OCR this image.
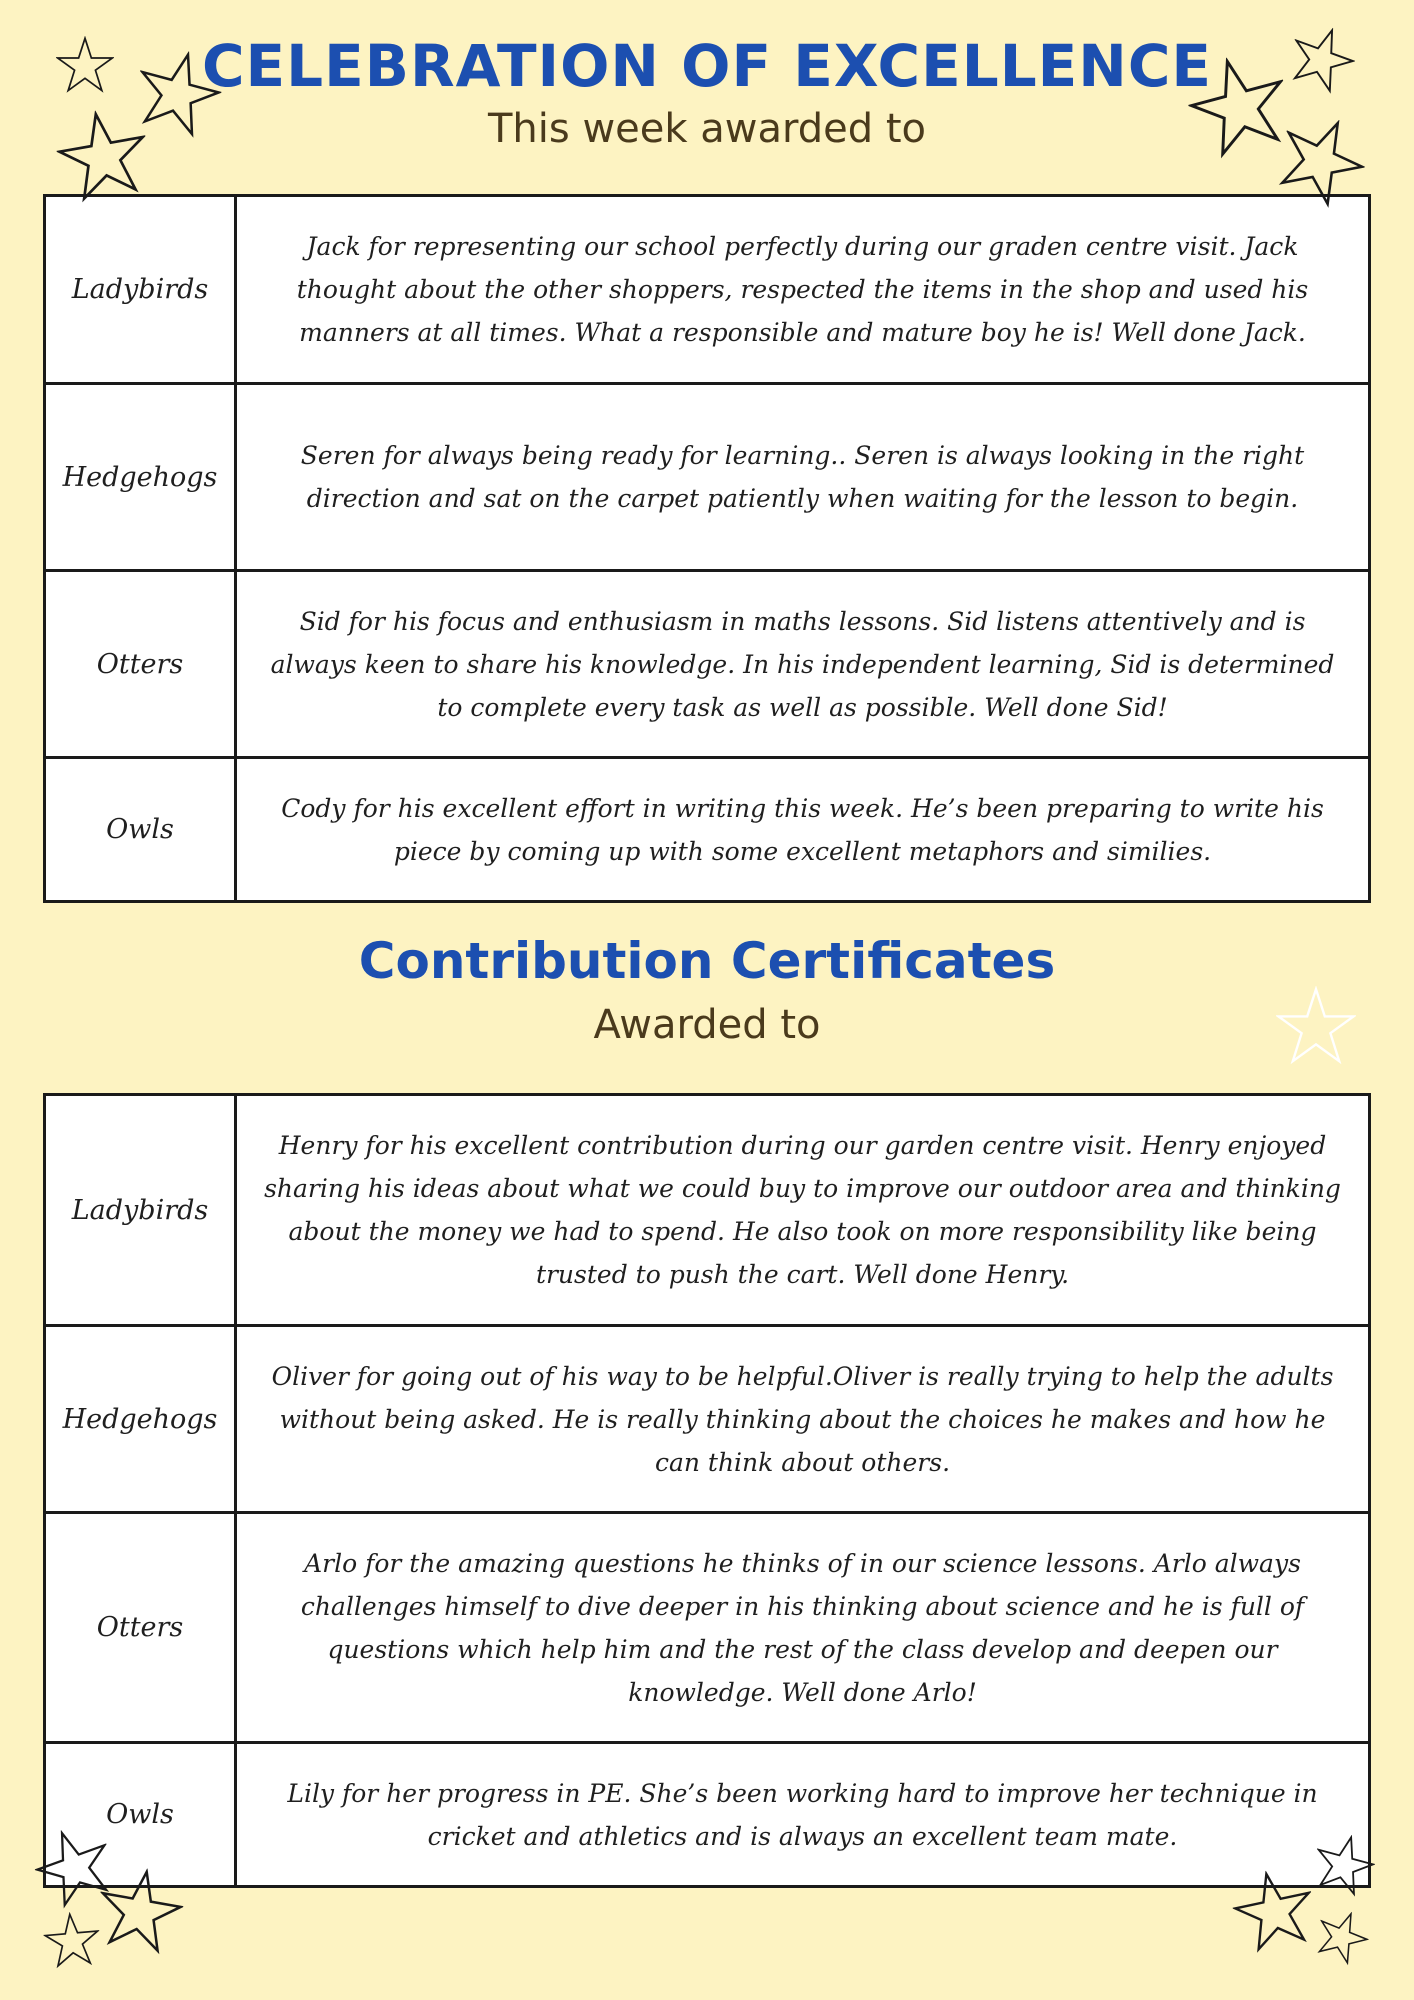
CELEBRATION OF EXCELLENCE
This week awarded to
Ladybirds	Jack for representing our school perfectly during our graden centre visit. Jack thought about the other shoppers, respected the items in the shop and used his manners at all times. What a responsible and mature boy he is! Well done Jack.
Hedgehogs	Seren for always being ready for learning.. Seren is always looking in the right direction and sat on the carpet patiently when waiting for the lesson to begin.
Otters	Sid for his focus and enthusiasm in maths lessons. Sid listens attentively and is always keen to share his knowledge. In his independent learning, Sid is determined to complete every task as well as possible. Well done Sid!
Owls	Cody for his excellent effort in writing this week. He’s been preparing to write his piece by coming up with some excellent metaphors and similies.
Contribution Certificates
Awarded to
Ladybirds	Henry for his excellent contribution during our garden centre visit. Henry enjoyed sharing his ideas about what we could buy to improve our outdoor area and thinking about the money we had to spend. He also took on more responsibility like being trusted to push the cart. Well done Henry.
Hedgehogs	Oliver for going out of his way to be helpful.Oliver is really trying to help the adults without being asked. He is really thinking about the choices he makes and how he can think about others.
Otters	Arlo for the amazing questions he thinks of in our science lessons. Arlo always challenges himself to dive deeper in his thinking about science and he is full of questions which help him and the rest of the class develop and deepen our knowledge. Well done Arlo!
Owls	Lily for her progress in PE. She’s been working hard to improve her technique in cricket and athletics and is always an excellent team mate.
